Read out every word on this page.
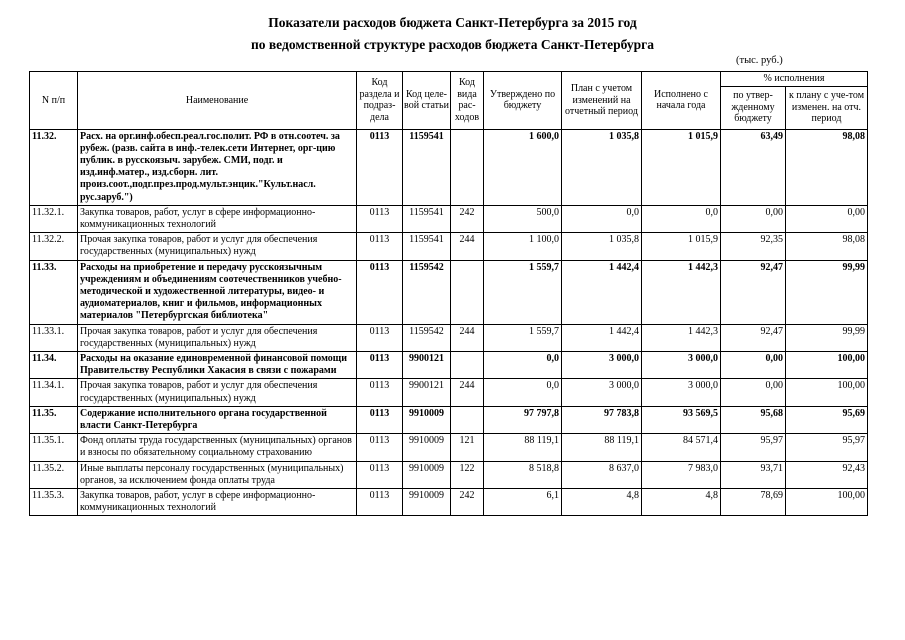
Показатели расходов бюджета Санкт-Петербурга за 2015 год
по ведомственной структуре расходов бюджета Санкт-Петербурга
(тыс. руб.)
N п/п	Наименование	Код раздела и подраз-дела	Код целе-вой статьи	Код вида рас-ходов	Утверждено по бюджету	План с учетом изменений на отчетный период	Исполнено с начала года	% исполнения	
								по утвер-жденному бюджету	к плану с уче-том изменен. на отч. период
11.32.	Расх. на орг.инф.обесп.реал.гос.полит. РФ в отн.соотеч. за рубеж. (разв. сайта в инф.-телек.сети Интернет, орг-цию публик. в русскоязыч. зарубеж. СМИ, подг. и изд.инф.матер., изд.сборн. лит. произ.соот.,подг.през.прод.мульт.энцик."Культ.насл. рус.заруб.")	0113	1159541		1 600,0	1 035,8	1 015,9	63,49	98,08
11.32.1.	Закупка товаров, работ, услуг в сфере информационно-коммуникационных технологий	0113	1159541	242	500,0	0,0	0,0	0,00	0,00
11.32.2.	Прочая закупка товаров, работ и услуг для обеспечения государственных (муниципальных) нужд	0113	1159541	244	1 100,0	1 035,8	1 015,9	92,35	98,08
11.33.	Расходы на приобретение и передачу русскоязычным учреждениям и объединениям соотечественников учебно-методической и художественной литературы, видео- и аудиоматериалов, книг и фильмов, информационных материалов "Петербургская библиотека"	0113	1159542		1 559,7	1 442,4	1 442,3	92,47	99,99
11.33.1.	Прочая закупка товаров, работ и услуг для обеспечения государственных (муниципальных) нужд	0113	1159542	244	1 559,7	1 442,4	1 442,3	92,47	99,99
11.34.	Расходы на оказание единовременной финансовой помощи Правительству Республики Хакасия в связи с пожарами	0113	9900121		0,0	3 000,0	3 000,0	0,00	100,00
11.34.1.	Прочая закупка товаров, работ и услуг для обеспечения государственных (муниципальных) нужд	0113	9900121	244	0,0	3 000,0	3 000,0	0,00	100,00
11.35.	Содержание исполнительного органа государственной власти Санкт-Петербурга	0113	9910009		97 797,8	97 783,8	93 569,5	95,68	95,69
11.35.1.	Фонд оплаты труда государственных (муниципальных) органов и взносы по обязательному социальному страхованию	0113	9910009	121	88 119,1	88 119,1	84 571,4	95,97	95,97
11.35.2.	Иные выплаты персоналу государственных (муниципальных) органов, за исключением фонда оплаты труда	0113	9910009	122	8 518,8	8 637,0	7 983,0	93,71	92,43
11.35.3.	Закупка товаров, работ, услуг в сфере информационно-коммуникационных технологий	0113	9910009	242	6,1	4,8	4,8	78,69	100,00
